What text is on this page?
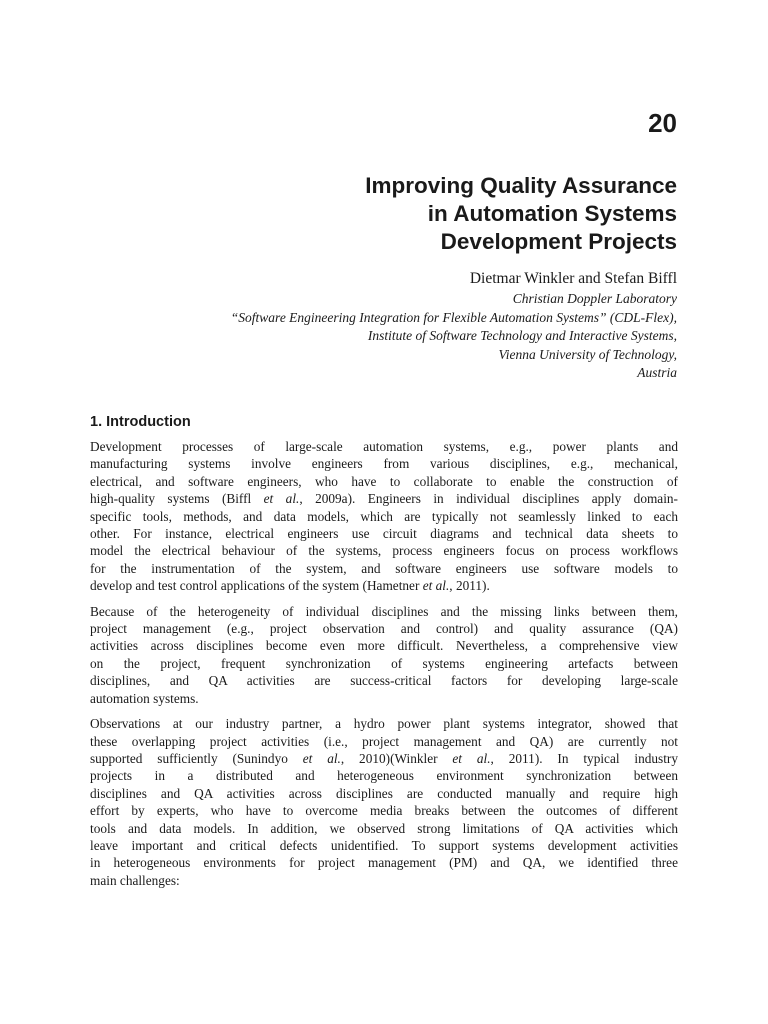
20
Improving Quality Assurance
in Automation Systems
Development Projects
Dietmar Winkler and Stefan Biffl
Christian Doppler Laboratory
“Software Engineering Integration for Flexible Automation Systems” (CDL-Flex),
Institute of Software Technology and Interactive Systems,
Vienna University of Technology,
Austria
1. Introduction
Development processes of large-scale automation systems, e.g., power plants and
manufacturing systems involve engineers from various disciplines, e.g., mechanical,
electrical, and software engineers, who have to collaborate to enable the construction of
high-quality systems (Biffl et al., 2009a). Engineers in individual disciplines apply domain-
specific tools, methods, and data models, which are typically not seamlessly linked to each
other. For instance, electrical engineers use circuit diagrams and technical data sheets to
model the electrical behaviour of the systems, process engineers focus on process workflows
for the instrumentation of the system, and software engineers use software models to
develop and test control applications of the system (Hametner et al., 2011).
Because of the heterogeneity of individual disciplines and the missing links between them,
project management (e.g., project observation and control) and quality assurance (QA)
activities across disciplines become even more difficult. Nevertheless, a comprehensive view
on the project, frequent synchronization of systems engineering artefacts between
disciplines, and QA activities are success-critical factors for developing large-scale
automation systems.
Observations at our industry partner, a hydro power plant systems integrator, showed that
these overlapping project activities (i.e., project management and QA) are currently not
supported sufficiently (Sunindyo et al., 2010)(Winkler et al., 2011). In typical industry
projects in a distributed and heterogeneous environment synchronization between
disciplines and QA activities across disciplines are conducted manually and require high
effort by experts, who have to overcome media breaks between the outcomes of different
tools and data models. In addition, we observed strong limitations of QA activities which
leave important and critical defects unidentified. To support systems development activities
in heterogeneous environments for project management (PM) and QA, we identified three
main challenges:
